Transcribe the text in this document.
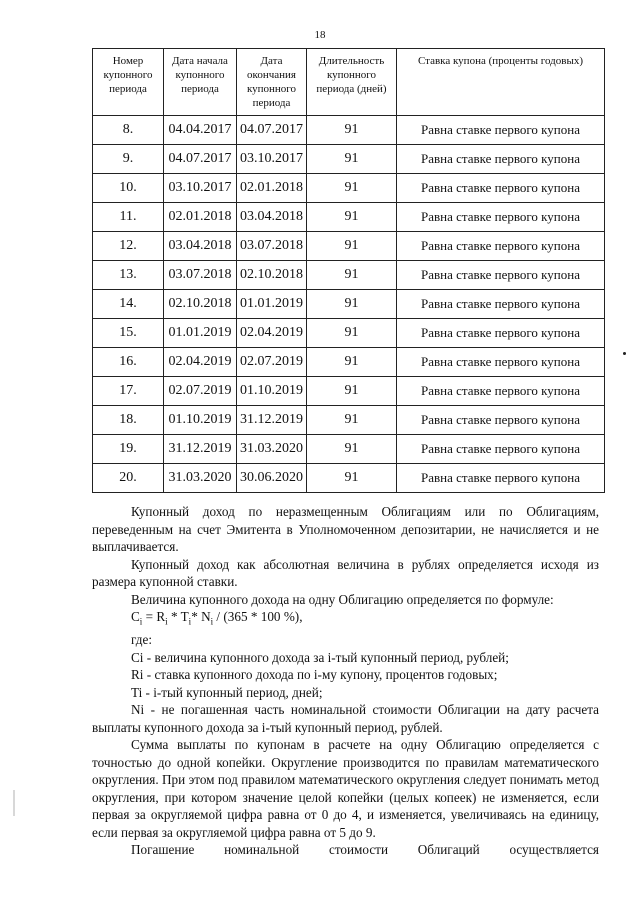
18
Номер купонного периода	Дата начала купонного периода	Дата окончания купонного периода	Длительность купонного периода (дней)	Ставка купона (проценты годовых)
8.	04.04.2017	04.07.2017	91	Равна ставке первого купона
9.	04.07.2017	03.10.2017	91	Равна ставке первого купона
10.	03.10.2017	02.01.2018	91	Равна ставке первого купона
11.	02.01.2018	03.04.2018	91	Равна ставке первого купона
12.	03.04.2018	03.07.2018	91	Равна ставке первого купона
13.	03.07.2018	02.10.2018	91	Равна ставке первого купона
14.	02.10.2018	01.01.2019	91	Равна ставке первого купона
15.	01.01.2019	02.04.2019	91	Равна ставке первого купона
16.	02.04.2019	02.07.2019	91	Равна ставке первого купона
17.	02.07.2019	01.10.2019	91	Равна ставке первого купона
18.	01.10.2019	31.12.2019	91	Равна ставке первого купона
19.	31.12.2019	31.03.2020	91	Равна ставке первого купона
20.	31.03.2020	30.06.2020	91	Равна ставке первого купона

Купонный доход по неразмещенным Облигациям или по Облигациям, переведенным на счет Эмитента в Уполномоченном депозитарии, не начисляется и не выплачивается.

Купонный доход как абсолютная величина в рублях определяется исходя из размера купонной ставки.

Величина купонного дохода на одну Облигацию определяется по формуле:

$C_i = R_i * T_i*$ $N_i / (365 * 100$ %),

где:

Ci - величина купонного дохода за i-тый купонный период, рублей;

Ri - ставка купонного дохода по i-му купону, процентов годовых;

Ti - i-тый купонный период, дней;

Ni - не погашенная часть номинальной стоимости Облигации на дату расчета выплаты купонного дохода за i-тый купонный период, рублей.

Сумма выплаты по купонам в расчете на одну Облигацию определяется с точностью до одной копейки. Округление производится по правилам математического округления. При этом под правилом математического округления следует понимать метод округления, при котором значение целой копейки (целых копеек) не изменяется, если первая за округляемой цифра равна от 0 до 4, и изменяется, увеличиваясь на единицу, если первая за округляемой цифра равна от 5 до 9.

Погашение номинальной стоимости Облигаций осуществляется
